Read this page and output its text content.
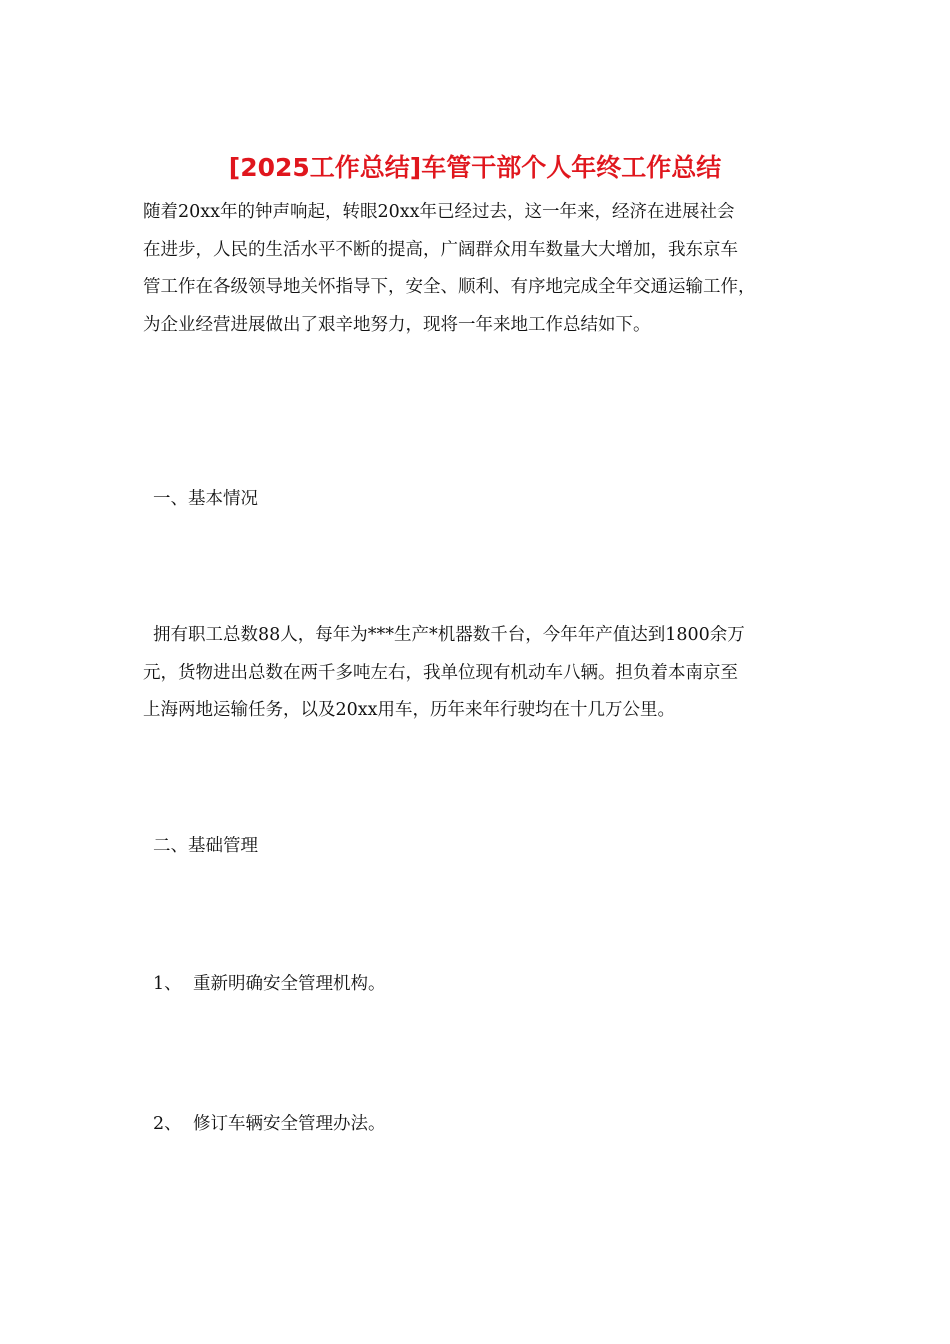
[2025工作总结]车管干部个人年终工作总结
随着20xx年的钟声响起，转眼20xx年已经过去，这一年来，经济在进展社会
在进步，人民的生活水平不断的提高，广阔群众用车数量大大增加，我东京车
管工作在各级领导地关怀指导下，安全、顺利、有序地完成全年交通运输工作，
为企业经营进展做出了艰辛地努力，现将一年来地工作总结如下。
一、基本情况
拥有职工总数88人，每年为***生产*机器数千台，今年年产值达到1800余万
元，货物进出总数在两千多吨左右，我单位现有机动车八辆。担负着本南京至
上海两地运输任务，以及20xx用车，历年来年行驶均在十几万公里。
二、基础管理
1、 重新明确安全管理机构。
2、 修订车辆安全管理办法。
